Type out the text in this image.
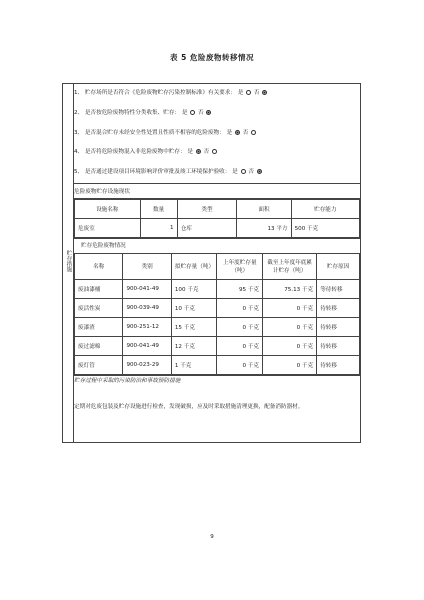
表 5 危险废物转移情况
贮存措施	
1、 贮存场所是否符合《危险废物贮存污染控制标准》有关要求： 是 否
2、 是否按危险废物特性分类收集、贮存： 是 否
3、 是否混合贮存未经安全性处置且性质不相容的危险废物： 是 否
4、 是否将危险废物混入非危险废物中贮存： 是 否
5、 是否通过建设项目环境影响评价审批及竣工环境保护验收： 是 否

危险废物贮存设施现状

设施名称	数量	类型	面积	贮存能力
危废室	1	仓库	13 平方	500 千克

贮存危险废物情况
名称	类别	拟贮存量（吨）	上年度贮存量（吨）	截至上年度年底累计贮存（吨）	贮存原因
废油漆桶	900-041-49	100 千克	95 千克	75.13 千克	等待转移
废活性炭	900-039-49	10 千克	0 千克	0 千克	待转移
废漆渣	900-251-12	15 千克	0 千克	0 千克	待转移
废过滤棉	900-041-49	12 千克	0 千克	0 千克	待转移
废灯管	900-023-29	1 千克	0 千克	0 千克	待转移

贮存过程中采取的污染防治和事故预防措施
定期对危废包装及贮存设施进行检查，发现破损，应及时采取措施清理更换，配备消防器材。
9
